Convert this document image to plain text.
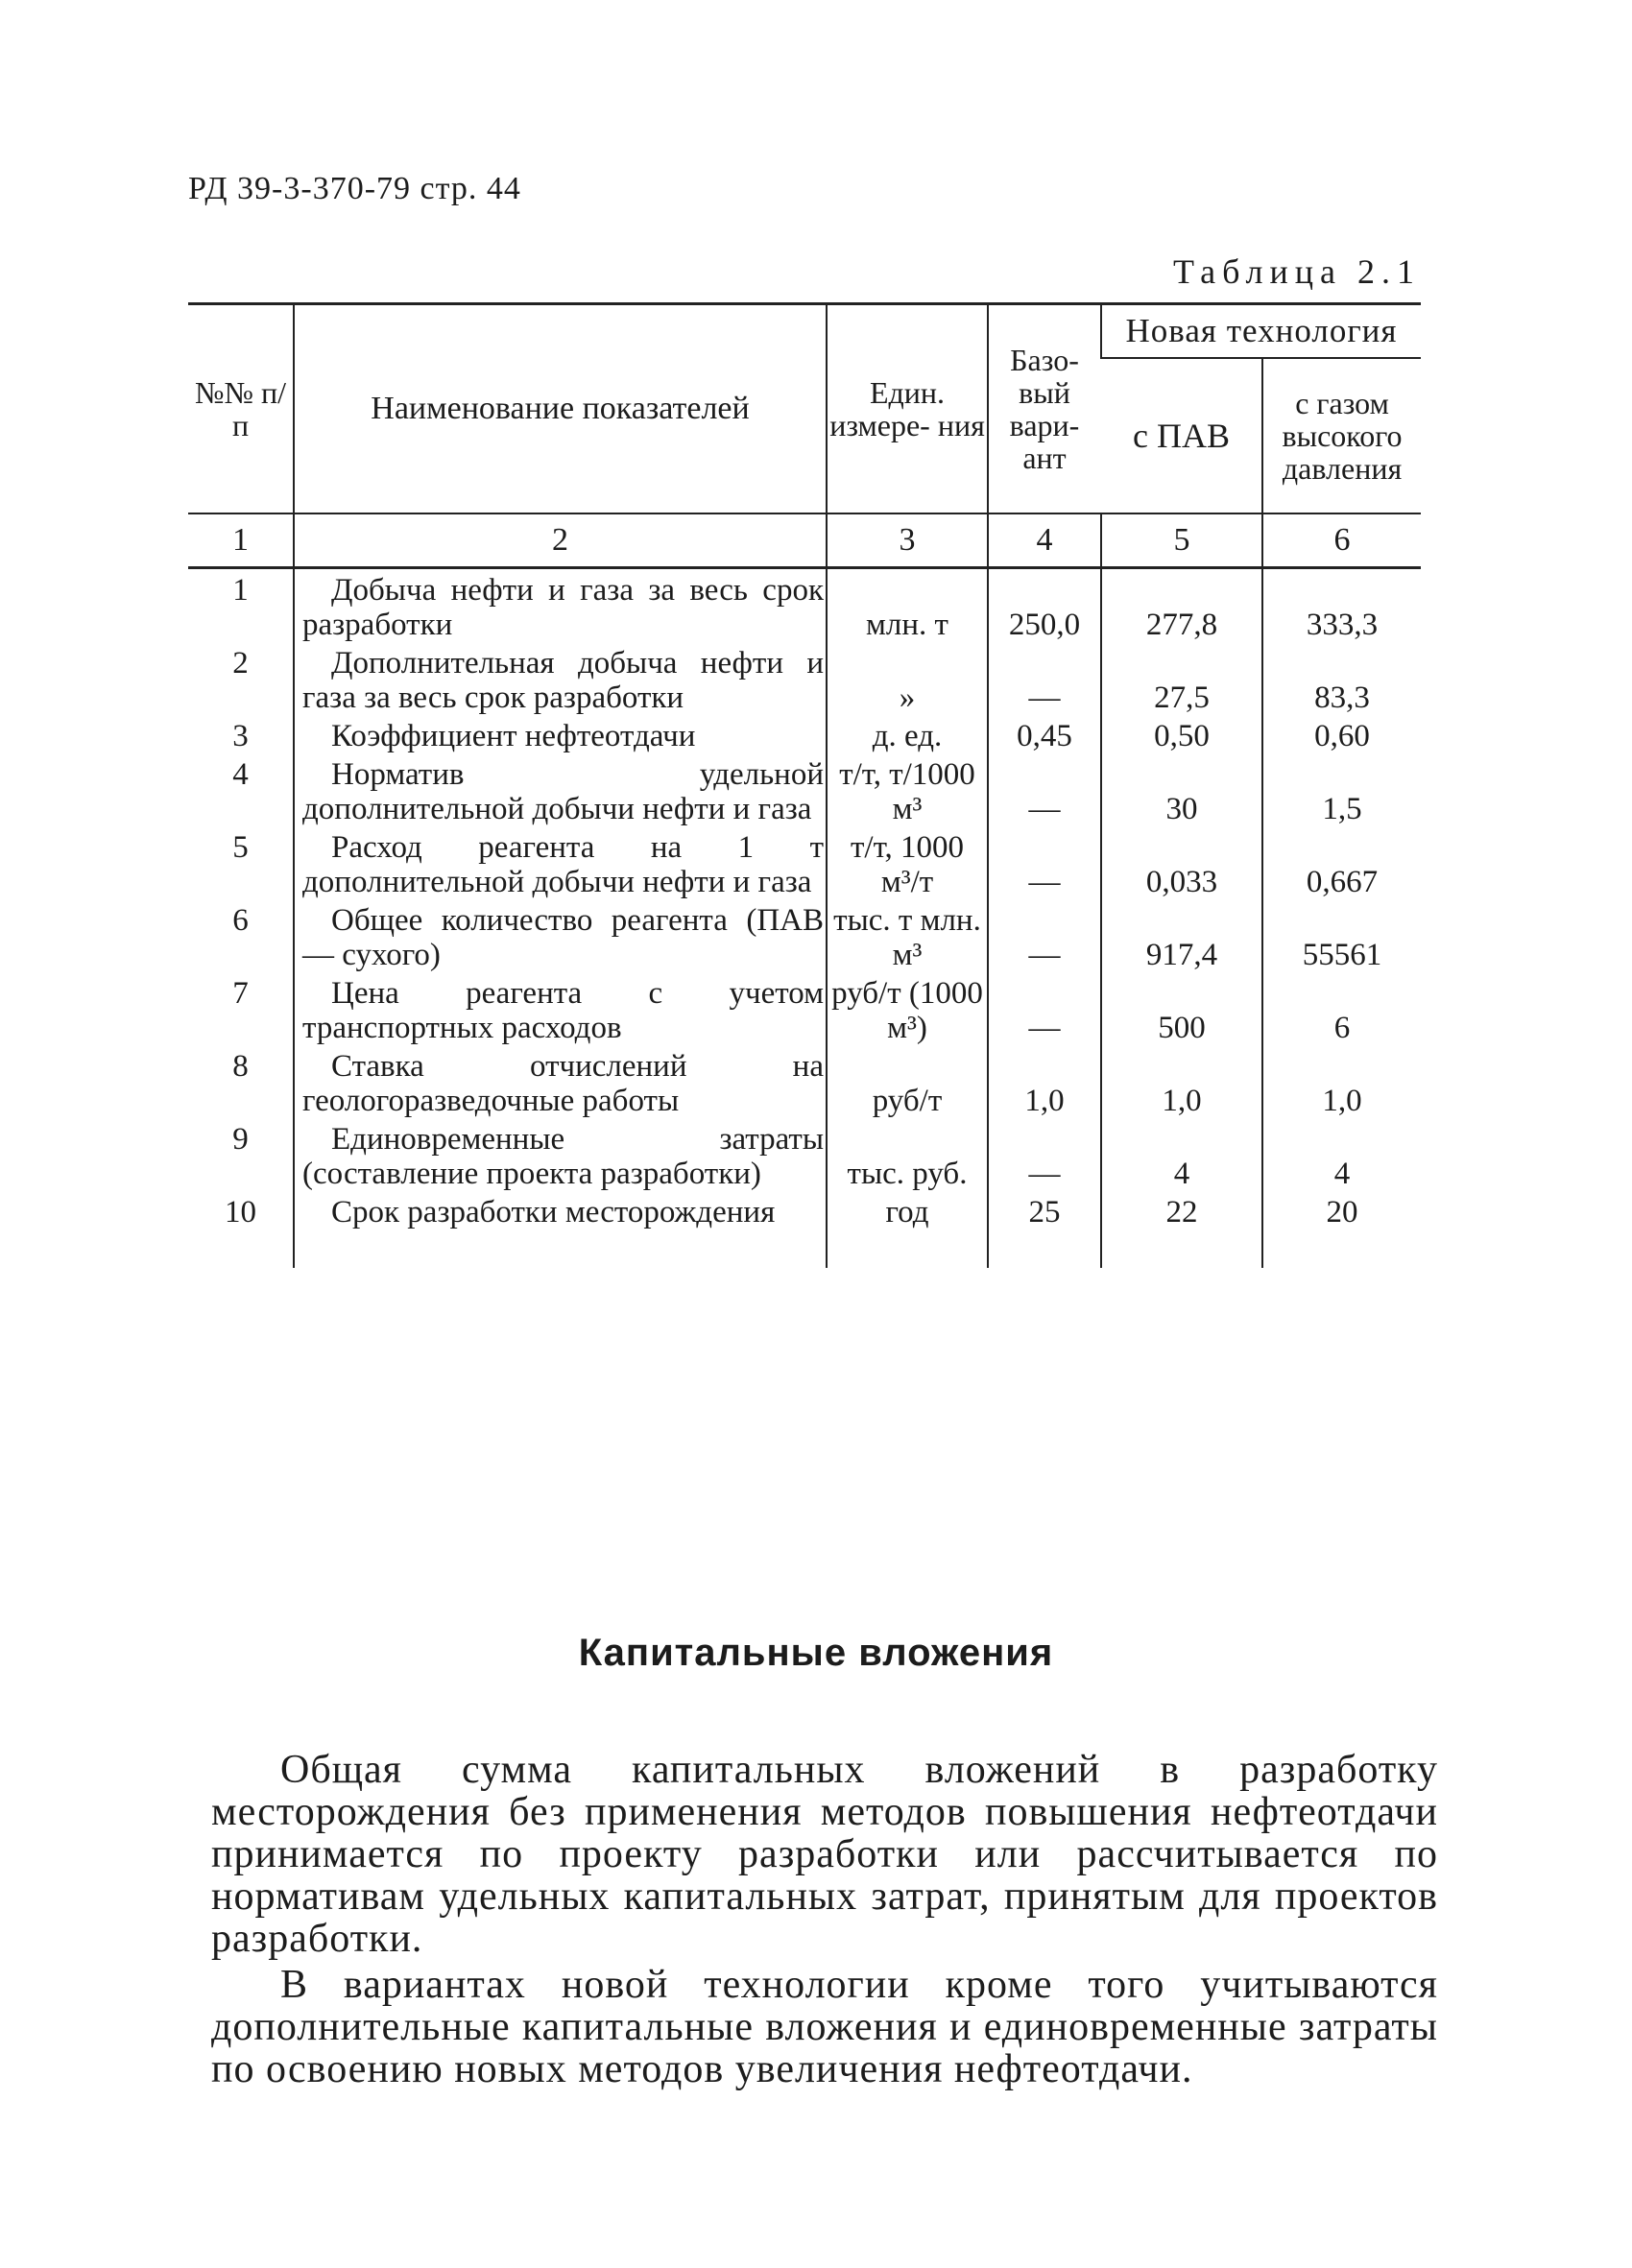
РД 39-3-370-79 стр. 44
Таблица 2.1
№№ п/п	Наименование показателей	Един. измере- ния	Базо- вый вари- ант	Новая технология	
				с ПАВ	с газом высокого давления
1	2	3	4	5	6
1	Добыча нефти и газа за весь срок разработки	млн. т	250,0	277,8	333,3
2	Дополнительная добыча нефти и газа за весь срок разработки	»	—	27,5	83,3
3	Коэффициент нефтеотдачи	д. ед.	0,45	0,50	0,60
4	Норматив удельной дополнительной добычи нефти и газа	т/т, т/1000 м³	—	30	1,5
5	Расход реагента на 1 т дополнительной добычи нефти и газа	т/т, 1000 м³/т	—	0,033	0,667
6	Общее количество реагента (ПАВ — сухого)	тыс. т млн. м³	—	917,4	55561
7	Цена реагента с учетом транспортных расходов	руб/т (1000 м³)	—	500	6
8	Ставка отчислений на геологоразведочные работы	руб/т	1,0	1,0	1,0
9	Единовременные затраты (составление проекта разработки)	тыс. руб.	—	4	4
10	Срок разработки месторождения	год	25	22	20
Капитальные вложения

Общая сумма капитальных вложений в разработку месторождения без применения методов повышения нефтеотдачи принимается по проекту разработки или рассчитывается по нормативам удельных капитальных затрат, принятым для проектов разработки.

В вариантах новой технологии кроме того учитываются дополнительные капитальные вложения и единовременные затраты по освоению новых методов увеличения нефтеотдачи.
